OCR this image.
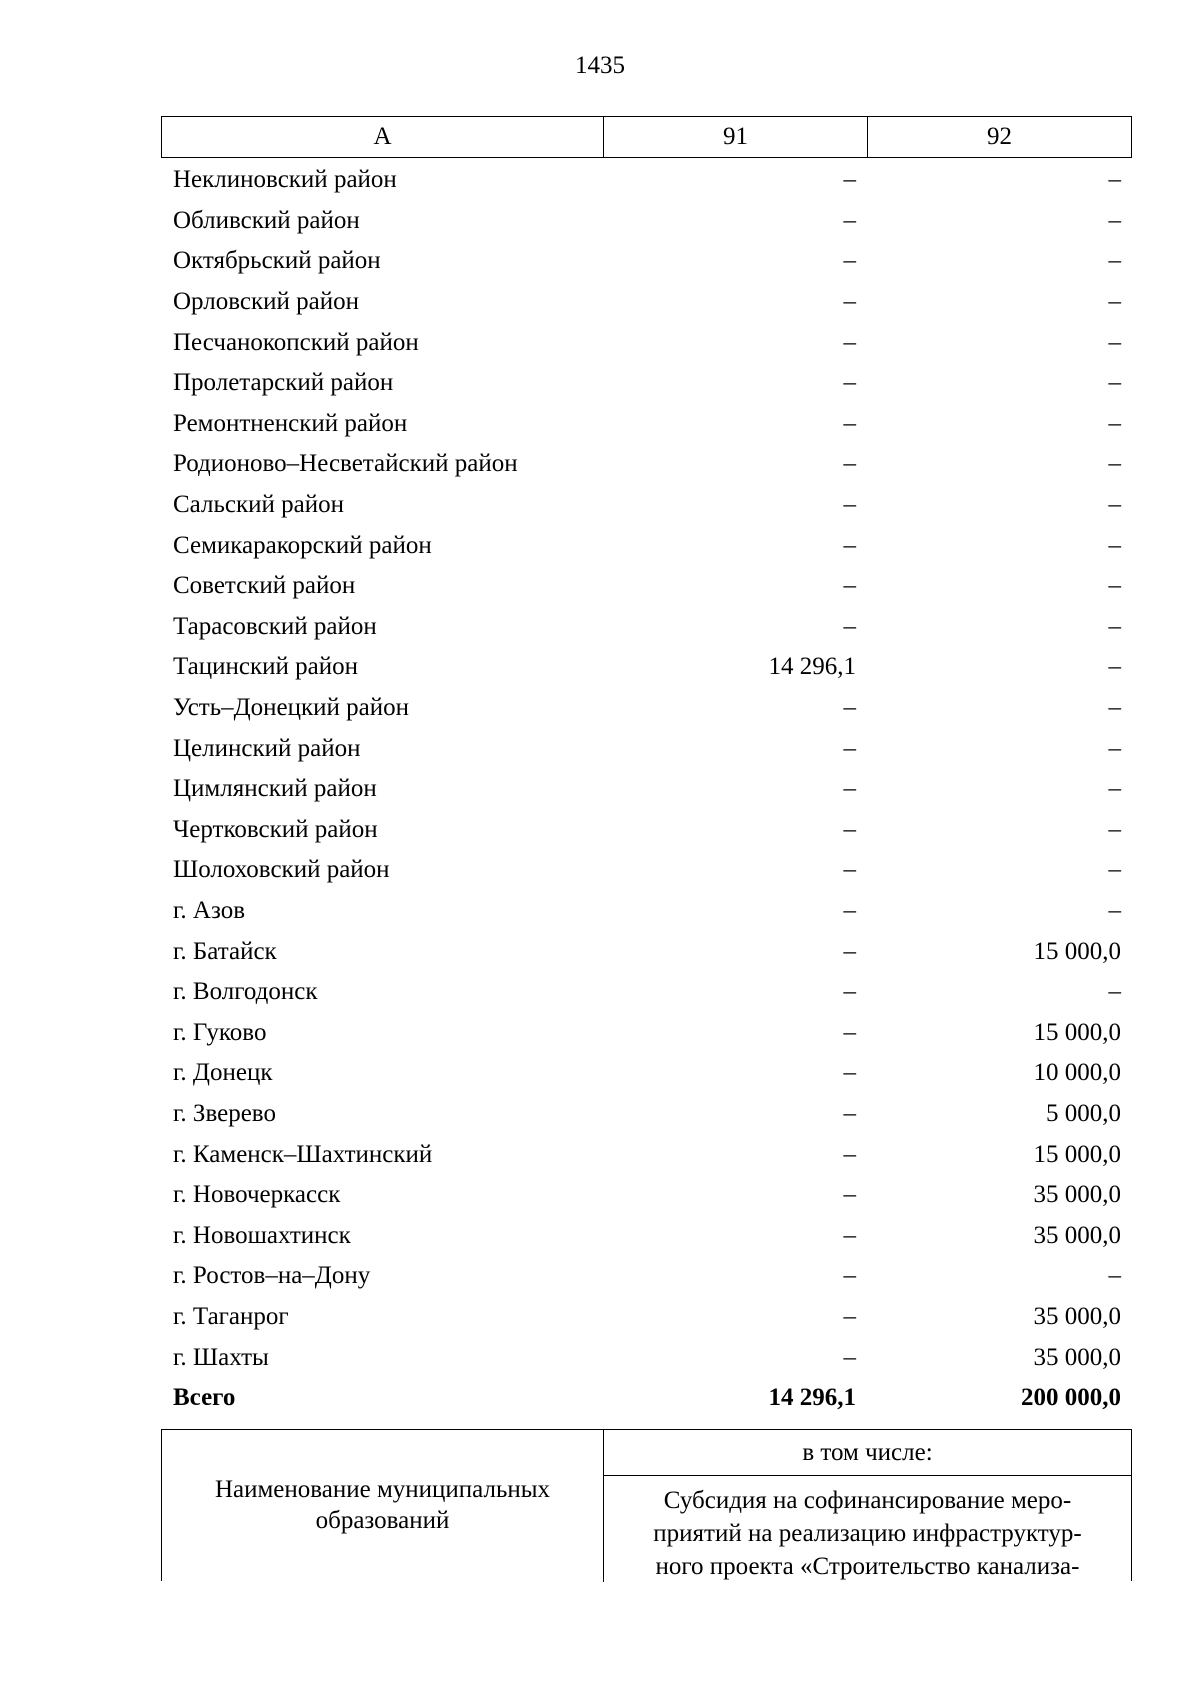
1435
А	91	92
Неклиновский район	–	–
Обливский район	–	–
Октябрьский район	–	–
Орловский район	–	–
Песчанокопский район	–	–
Пролетарский район	–	–
Ремонтненский район	–	–
Родионово–Несветайский район	–	–
Сальский район	–	–
Семикаракорский район	–	–
Советский район	–	–
Тарасовский район	–	–
Тацинский район	14 296,1	–
Усть–Донецкий район	–	–
Целинский район	–	–
Цимлянский район	–	–
Чертковский район	–	–
Шолоховский район	–	–
г. Азов	–	–
г. Батайск	–	15 000,0
г. Волгодонск	–	–
г. Гуково	–	15 000,0
г. Донецк	–	10 000,0
г. Зверево	–	5 000,0
г. Каменск–Шахтинский	–	15 000,0
г. Новочеркасск	–	35 000,0
г. Новошахтинск	–	35 000,0
г. Ростов–на–Дону	–	–
г. Таганрог	–	35 000,0
г. Шахты	–	35 000,0
Всего	14 296,1	200 000,0
Наименование муниципальных образований
в том числе:
Субсидия на софинансирование меро-
приятий на реализацию инфраструктур-
ного проекта «Строительство канализа-
